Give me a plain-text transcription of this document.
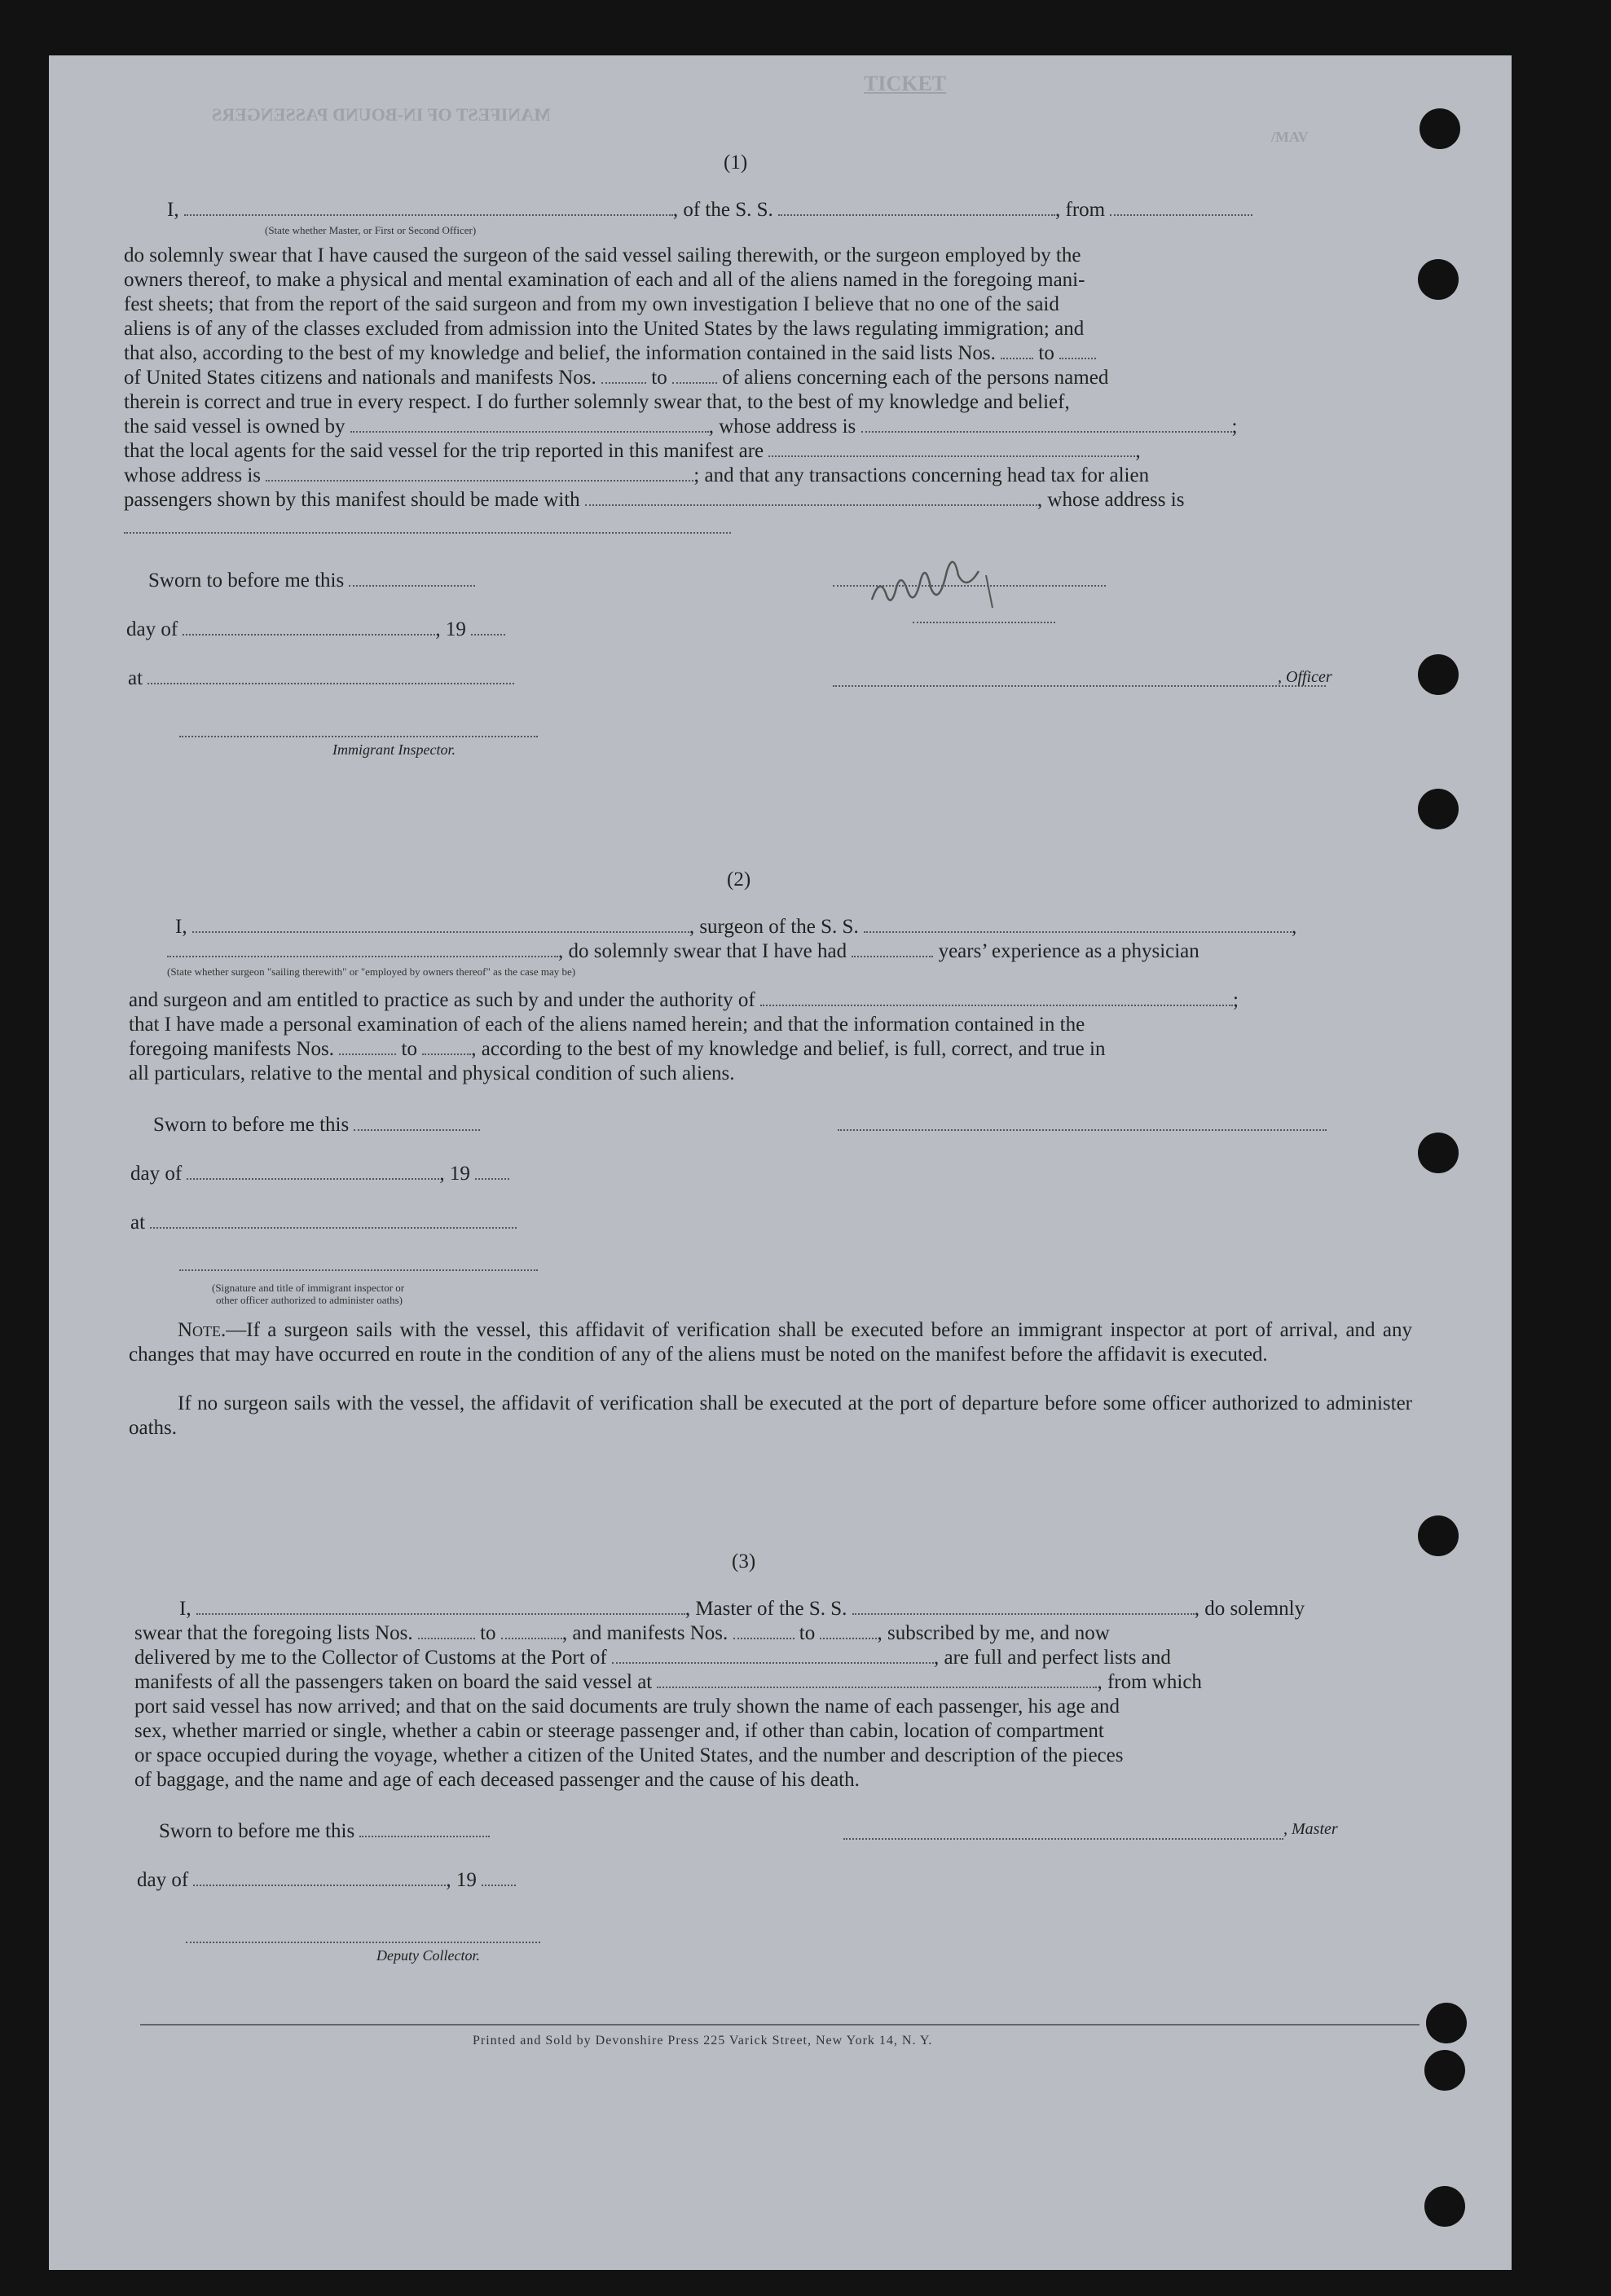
MANIFEST OF IN-BOUND PASSENGERS
TICKET
/MAV
(1)
I,	, of the S. S.	, from
(State whether Master, or First or Second Officer)
do solemnly swear that I have caused the surgeon of the said vessel sailing therewith, or the surgeon employed by the
owners thereof, to make a physical and mental examination of each and all of the aliens named in the foregoing mani-
fest sheets; that from the report of the said surgeon and from my own investigation I believe that no one of the said
aliens is of any of the classes excluded from admission into the United States by the laws regulating immigration; and
that also, according to the best of my knowledge and belief, the information contained in the said lists Nos. to
of United States citizens and nationals and manifests Nos.	to	of aliens concerning each of the persons named
therein is correct and true in every respect. I do further solemnly swear that, to the best of my knowledge and belief,
the said vessel is owned by	, whose address is	;
that the local agents for the said vessel for the trip reported in this manifest are	,
whose address is	; and that any transactions concerning head tax for alien
passengers shown by this manifest should be made with	, whose address is
Sworn to before me this
day of	, 19
at	, Officer
Immigrant Inspector.
(2)
I,	, surgeon of the S. S.	,
, do solemnly swear that I have had	years’ experience as a physician
(State whether surgeon "sailing therewith" or "employed by owners thereof" as the case may be)
and surgeon and am entitled to practice as such by and under the authority of	;
that I have made a personal examination of each of the aliens named herein; and that the information contained in the
foregoing manifests Nos.	to	, according to the best of my knowledge and belief, is full, correct, and true in
all particulars, relative to the mental and physical condition of such aliens.
Sworn to before me this
day of	, 19
at
(Signature and title of immigrant inspector or
other officer authorized to administer oaths)
Note.—If a surgeon sails with the vessel, this affidavit of verification shall be executed before an immigrant inspector at port of arrival, and any changes that may have occurred en route in the condition of any of the aliens must be noted on the manifest before the affidavit is executed.
If no surgeon sails with the vessel, the affidavit of verification shall be executed at the port of departure before some officer authorized to administer oaths.
(3)
I,	, Master of the S. S.	, do solemnly
swear that the foregoing lists Nos.	to	, and manifests Nos.	to	, subscribed by me, and now
delivered by me to the Collector of Customs at the Port of	, are full and perfect lists and
manifests of all the passengers taken on board the said vessel at	, from which
port said vessel has now arrived; and that on the said documents are truly shown the name of each passenger, his age and
sex, whether married or single, whether a cabin or steerage passenger and, if other than cabin, location of compartment
or space occupied during the voyage, whether a citizen of the United States, and the number and description of the pieces
of baggage, and the name and age of each deceased passenger and the cause of his death.
Sworn to before me this	, Master
day of	, 19
Deputy Collector.
Printed and Sold by Devonshire Press 225 Varick Street, New York 14, N. Y.
